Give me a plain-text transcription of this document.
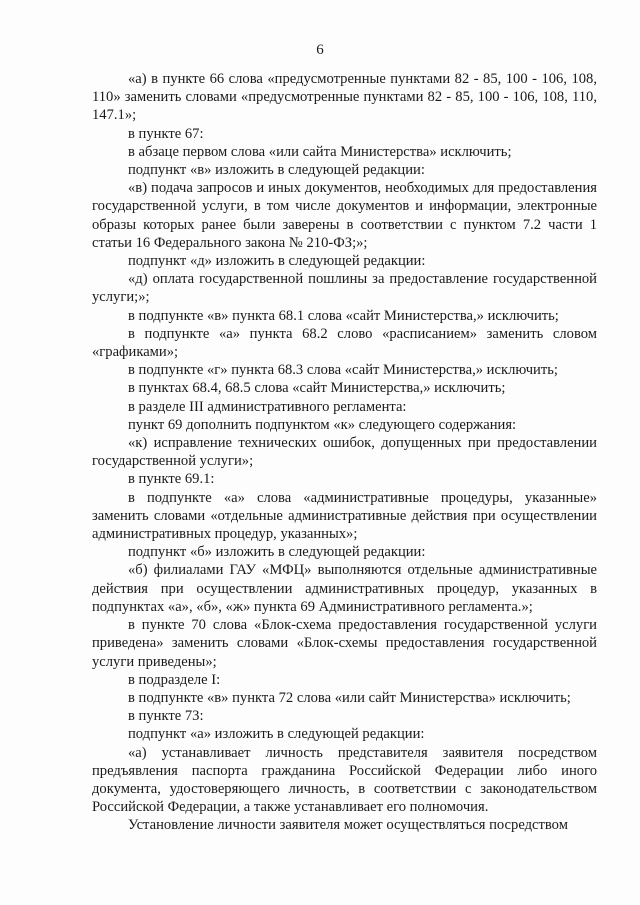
6

«а) в пункте 66 слова «предусмотренные пунктами 82 - 85, 100 - 106, 108, 110» заменить словами «предусмотренные пунктами 82 - 85, 100 - 106, 108, 110, 147.1»;

в пункте 67:

в абзаце первом слова «или сайта Министерства» исключить;

подпункт «в» изложить в следующей редакции:

«в) подача запросов и иных документов, необходимых для предоставления государственной услуги, в том числе документов и информации, электронные образы которых ранее были заверены в соответствии с пунктом 7.2 части 1 статьи 16 Федерального закона № 210-ФЗ;»;

подпункт «д» изложить в следующей редакции:

«д) оплата государственной пошлины за предоставление государственной услуги;»;

в подпункте «в» пункта 68.1 слова «сайт Министерства,» исключить;

в подпункте «а» пункта 68.2 слово «расписанием» заменить словом «графиками»;

в подпункте «г» пункта 68.3 слова «сайт Министерства,» исключить;

в пунктах 68.4, 68.5 слова «сайт Министерства,» исключить;

в разделе III административного регламента:

пункт 69 дополнить подпунктом «к» следующего содержания:

«к) исправление технических ошибок, допущенных при предоставлении государственной услуги»;

в пункте 69.1:

в подпункте «а» слова «административные процедуры, указанные» заменить словами «отдельные административные действия при осуществлении административных процедур, указанных»;

подпункт «б» изложить в следующей редакции:

«б) филиалами ГАУ «МФЦ» выполняются отдельные административные действия при осуществлении административных процедур, указанных в подпунктах «а», «б», «ж» пункта 69 Административного регламента.»;

в пункте 70 слова «Блок-схема предоставления государственной услуги приведена» заменить словами «Блок-схемы предоставления государственной услуги приведены»;

в подразделе I:

в подпункте «в» пункта 72 слова «или сайт Министерства» исключить;

в пункте 73:

подпункт «а» изложить в следующей редакции:

«а) устанавливает личность представителя заявителя посредством предъявления паспорта гражданина Российской Федерации либо иного документа, удостоверяющего личность, в соответствии с законодательством Российской Федерации, а также устанавливает его полномочия.

Установление личности заявителя может осуществляться посредством
